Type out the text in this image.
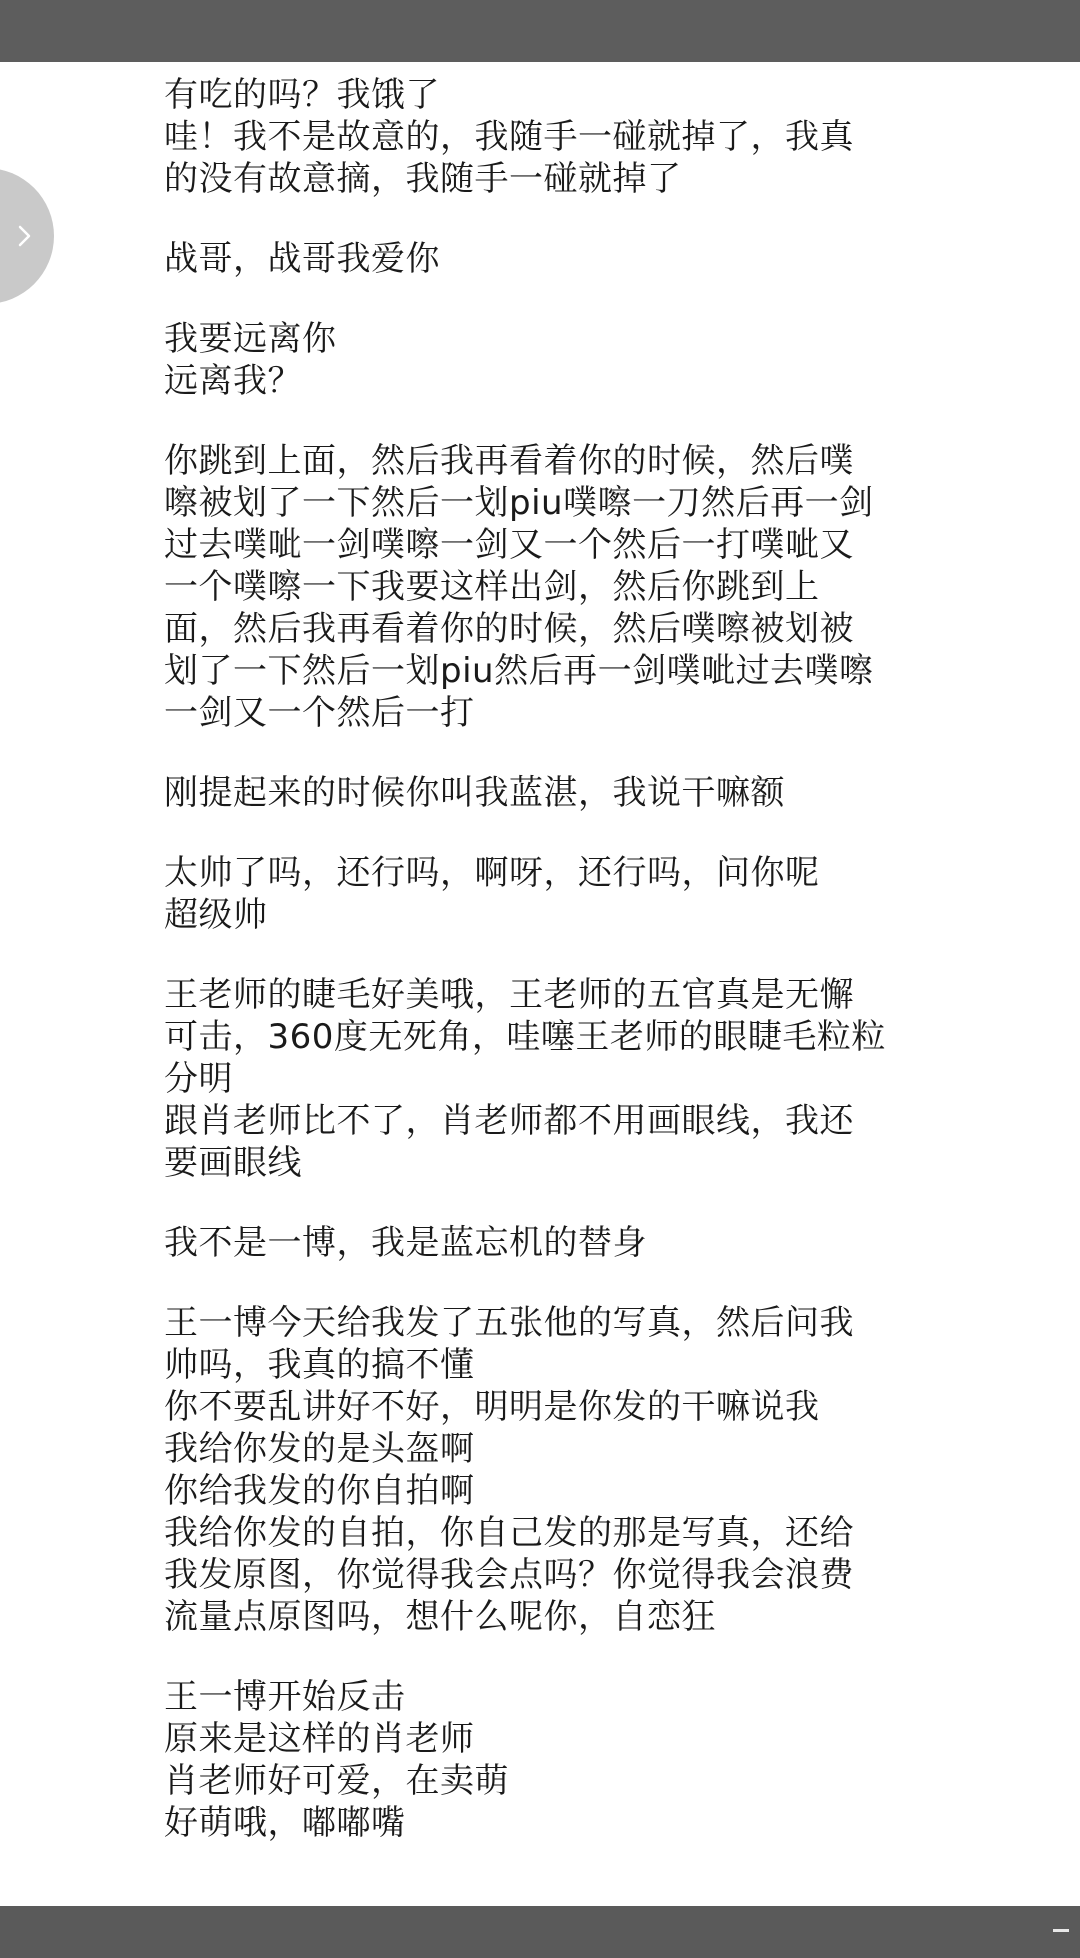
有吃的吗？我饿了
哇！我不是故意的，我随手一碰就掉了，我真
的没有故意摘，我随手一碰就掉了
战哥，战哥我爱你
我要远离你
远离我？
你跳到上面，然后我再看着你的时候，然后噗
嚓被划了一下然后一划piu噗嚓一刀然后再一剑
过去噗呲一剑噗嚓一剑又一个然后一打噗呲又
一个噗嚓一下我要这样出剑，然后你跳到上
面，然后我再看着你的时候，然后噗嚓被划被
划了一下然后一划piu然后再一剑噗呲过去噗嚓
一剑又一个然后一打
刚提起来的时候你叫我蓝湛，我说干嘛额
太帅了吗，还行吗，啊呀，还行吗，问你呢
超级帅
王老师的睫毛好美哦，王老师的五官真是无懈
可击，360度无死角，哇噻王老师的眼睫毛粒粒
分明
跟肖老师比不了，肖老师都不用画眼线，我还
要画眼线
我不是一博，我是蓝忘机的替身
王一博今天给我发了五张他的写真，然后问我
帅吗，我真的搞不懂
你不要乱讲好不好，明明是你发的干嘛说我
我给你发的是头盔啊
你给我发的你自拍啊
我给你发的自拍，你自己发的那是写真，还给
我发原图，你觉得我会点吗？你觉得我会浪费
流量点原图吗，想什么呢你，自恋狂
王一博开始反击
原来是这样的肖老师
肖老师好可爱，在卖萌
好萌哦，嘟嘟嘴
